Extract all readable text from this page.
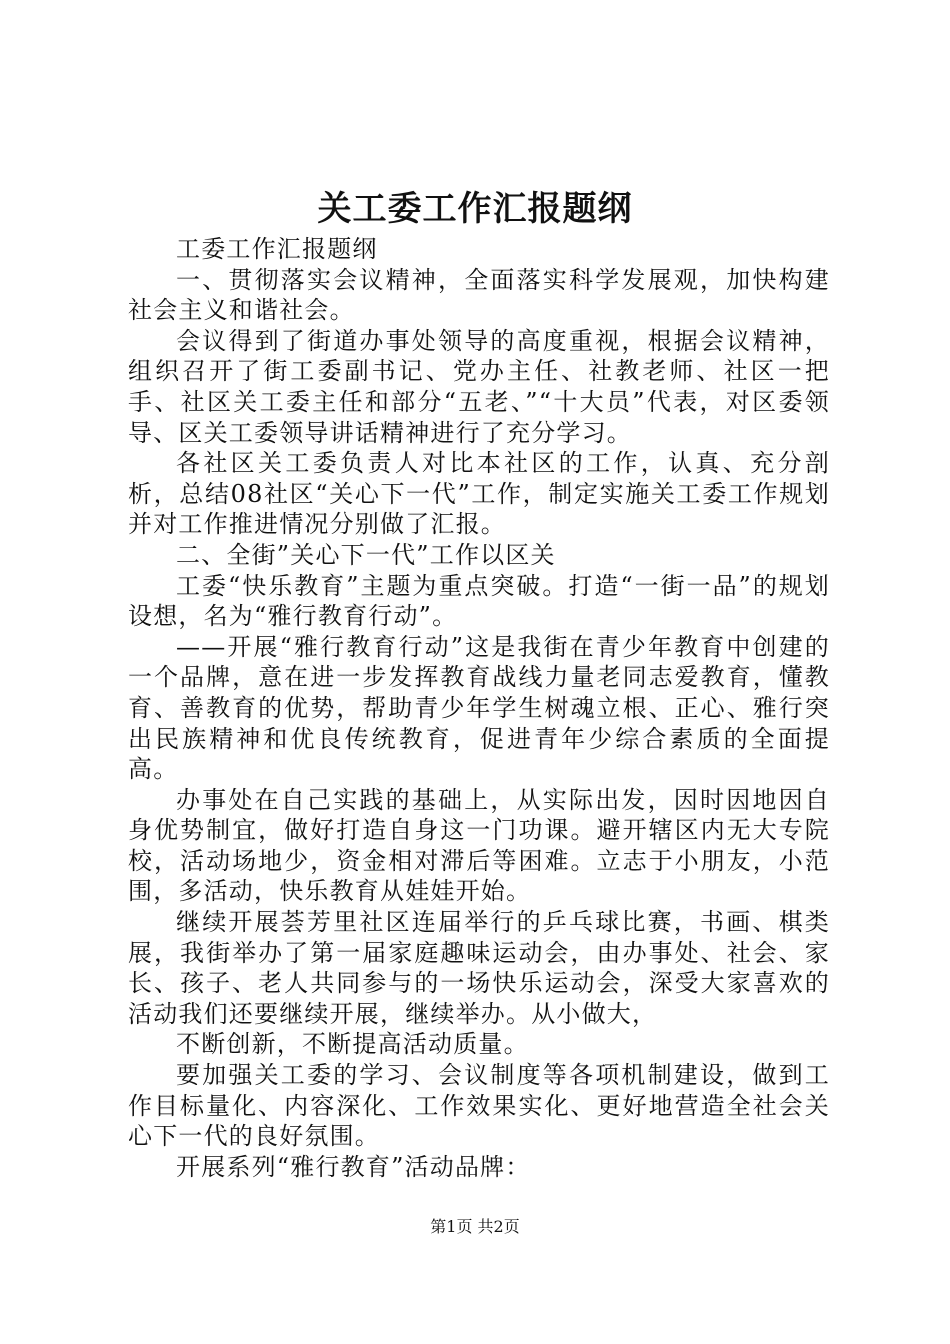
关工委工作汇报题纲

工委工作汇报题纲

一、贯彻落实会议精神，全面落实科学发展观，加快构建社会主义和谐社会。

会议得到了街道办事处领导的高度重视，根据会议精神，组织召开了街工委副书记、党办主任、社教老师、社区一把手、社区关工委主任和部分“五老、”“十大员”代表，对区委领导、区关工委领导讲话精神进行了充分学习。

各社区关工委负责人对比本社区的工作，认真、充分剖析，总结08社区“关心下一代”工作，制定实施关工委工作规划并对工作推进情况分别做了汇报。

二、全街”关心下一代”工作以区关

工委“快乐教育”主题为重点突破。打造“一街一品”的规划设想，名为“雅行教育行动”。

——开展“雅行教育行动”这是我街在青少年教育中创建的一个品牌，意在进一步发挥教育战线力量老同志爱教育，懂教育、善教育的优势，帮助青少年学生树魂立根、正心、雅行突出民族精神和优良传统教育，促进青年少综合素质的全面提高。

办事处在自己实践的基础上，从实际出发，因时因地因自身优势制宜，做好打造自身这一门功课。避开辖区内无大专院校，活动场地少，资金相对滞后等困难。立志于小朋友，小范围，多活动，快乐教育从娃娃开始。

继续开展荟芳里社区连届举行的乒乓球比赛，书画、棋类展，我街举办了第一届家庭趣味运动会，由办事处、社会、家长、孩子、老人共同参与的一场快乐运动会，深受大家喜欢的活动我们还要继续开展，继续举办。从小做大，

不断创新，不断提高活动质量。

要加强关工委的学习、会议制度等各项机制建设，做到工作目标量化、内容深化、工作效果实化、更好地营造全社会关心下一代的良好氛围。

开展系列“雅行教育”活动品牌：

第1页 共2页
